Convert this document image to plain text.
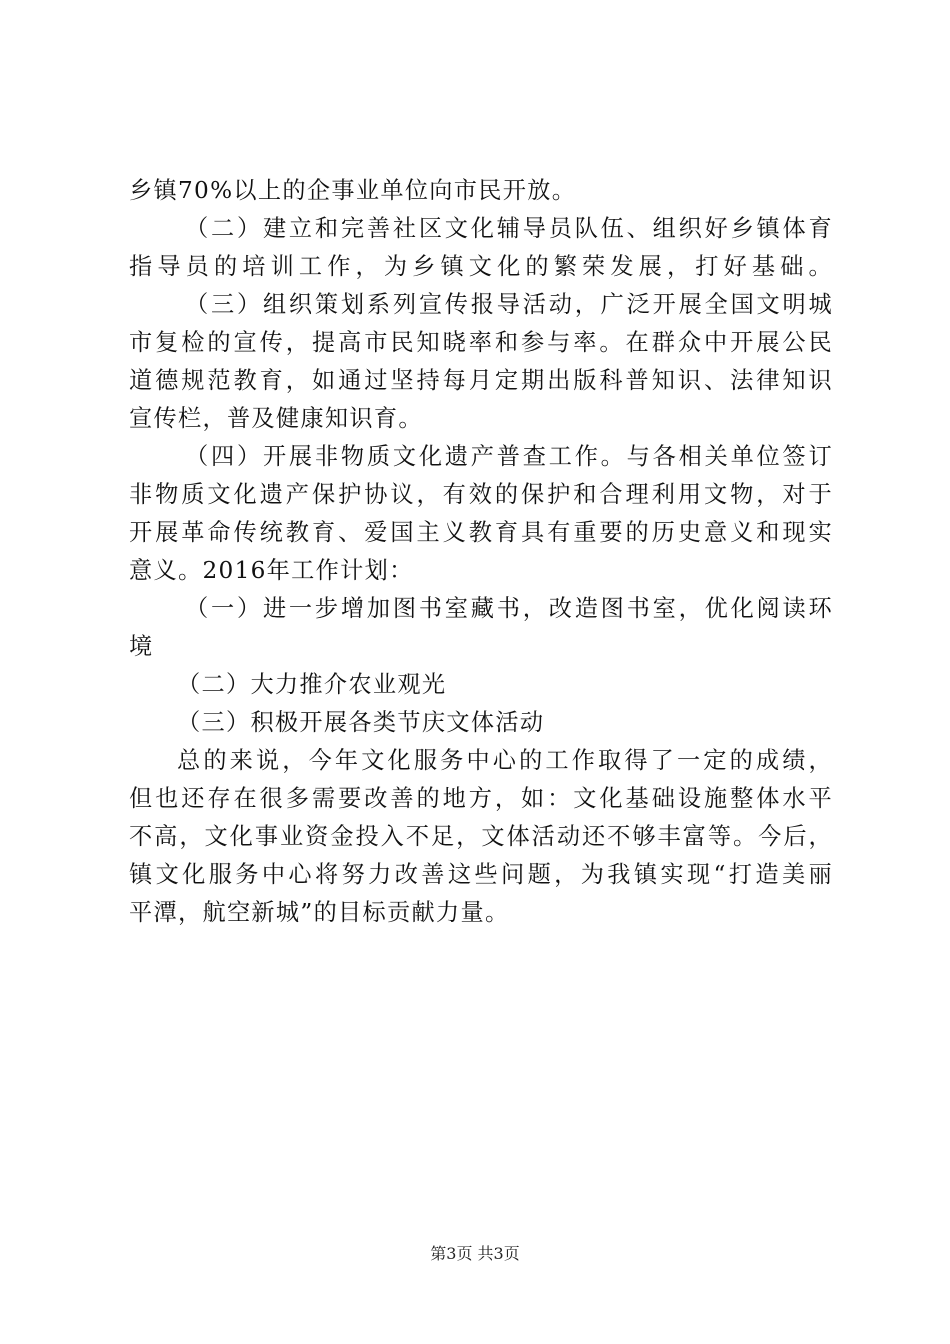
乡镇70%以上的企事业单位向市民开放。
（二）建立和完善社区文化辅导员队伍、组织好乡镇体育
指导员的培训工作，为乡镇文化的繁荣发展，打好基础。
（三）组织策划系列宣传报导活动，广泛开展全国文明城
市复检的宣传，提高市民知晓率和参与率。在群众中开展公民
道德规范教育，如通过坚持每月定期出版科普知识、法律知识
宣传栏，普及健康知识育。
（四）开展非物质文化遗产普查工作。与各相关单位签订
非物质文化遗产保护协议，有效的保护和合理利用文物，对于
开展革命传统教育、爱国主义教育具有重要的历史意义和现实
意义。2016年工作计划：
（一）进一步增加图书室藏书，改造图书室，优化阅读环
境
（二）大力推介农业观光
（三）积极开展各类节庆文体活动
总的来说，今年文化服务中心的工作取得了一定的成绩，
但也还存在很多需要改善的地方，如：文化基础设施整体水平
不高，文化事业资金投入不足，文体活动还不够丰富等。今后，
镇文化服务中心将努力改善这些问题，为我镇实现“打造美丽
平潭，航空新城”的目标贡献力量。
第3页 共3页
